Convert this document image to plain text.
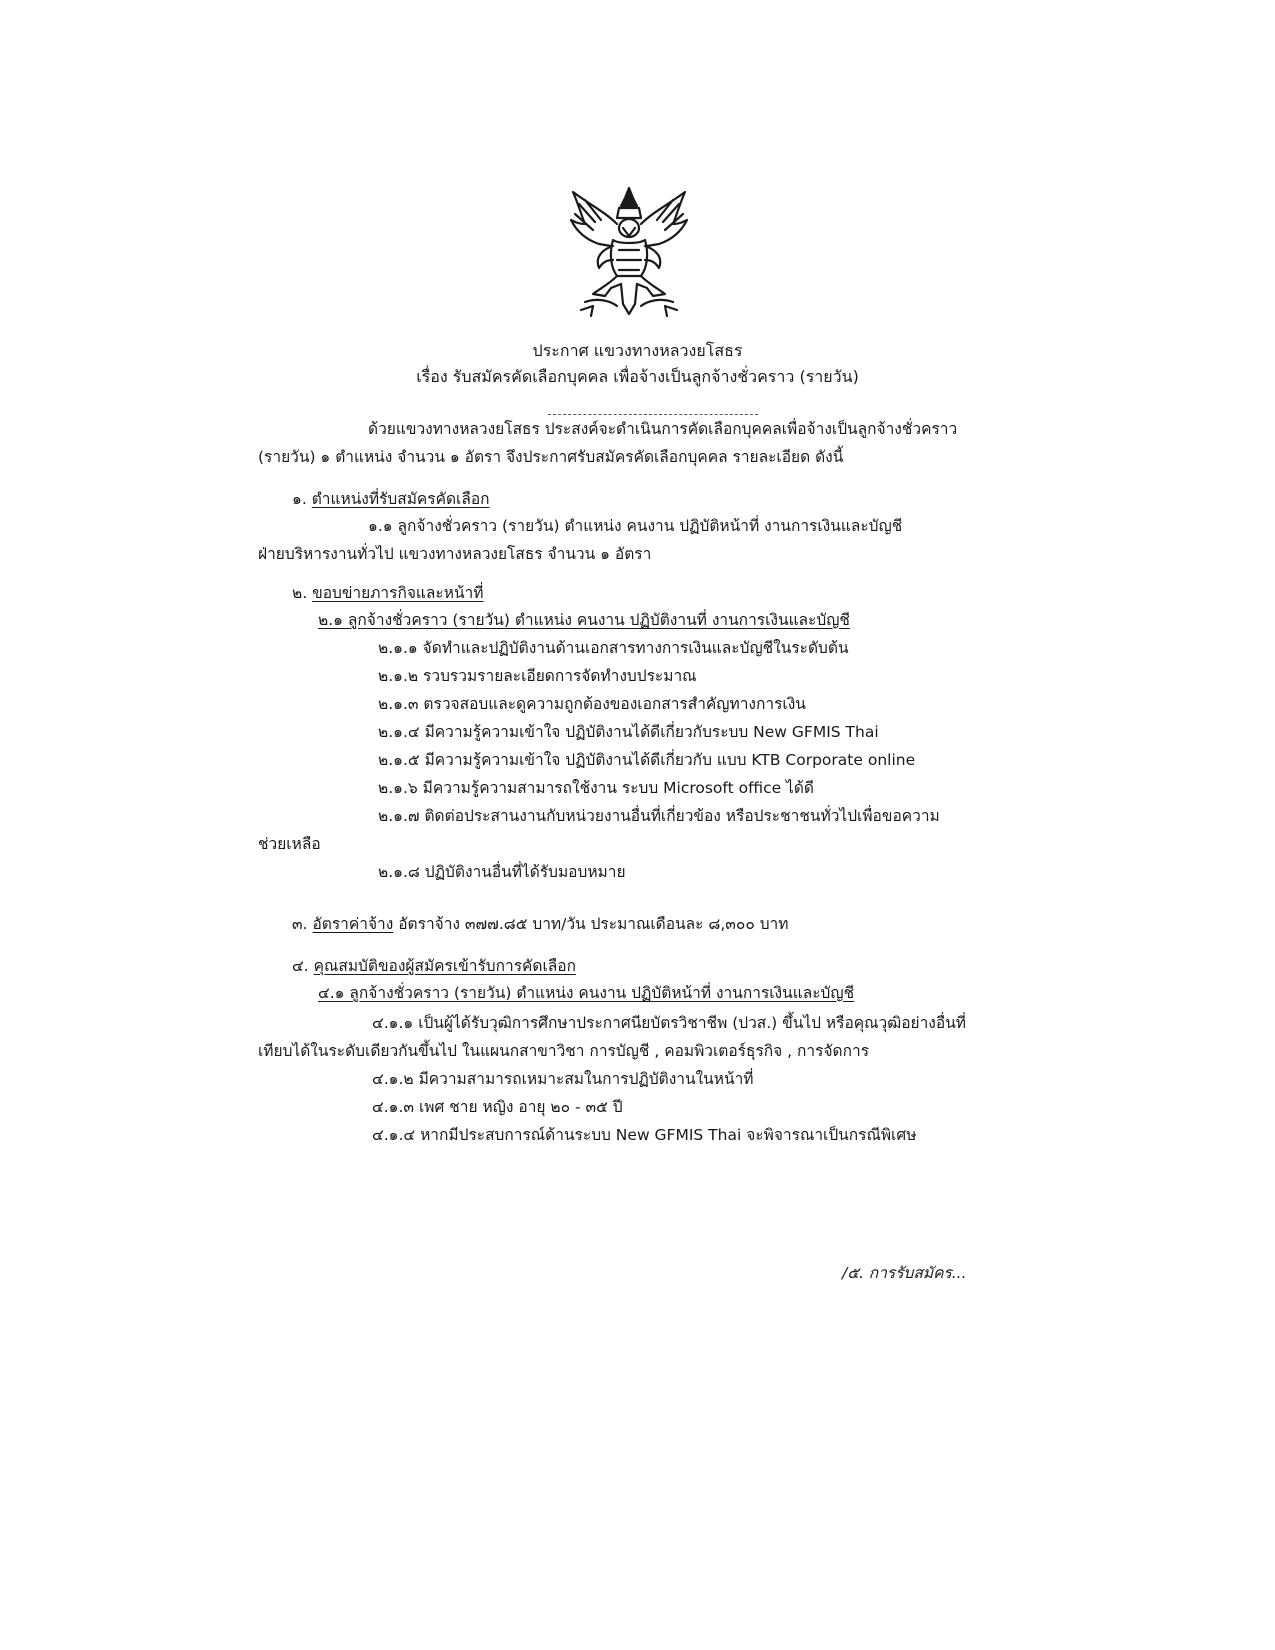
ประกาศ แขวงทางหลวงยโสธร
เรื่อง รับสมัครคัดเลือกบุคคล เพื่อจ้างเป็นลูกจ้างชั่วคราว (รายวัน)
ด้วยแขวงทางหลวงยโสธร ประสงค์จะดำเนินการคัดเลือกบุคคลเพื่อจ้างเป็นลูกจ้างชั่วคราว
(รายวัน) ๑ ตำแหน่ง จำนวน ๑ อัตรา จึงประกาศรับสมัครคัดเลือกบุคคล รายละเอียด ดังนี้
๑. ตำแหน่งที่รับสมัครคัดเลือก
๑.๑ ลูกจ้างชั่วคราว (รายวัน) ตำแหน่ง คนงาน ปฏิบัติหน้าที่ งานการเงินและบัญชี
ฝ่ายบริหารงานทั่วไป แขวงทางหลวงยโสธร จำนวน ๑ อัตรา
๒. ขอบข่ายภารกิจและหน้าที่
๒.๑ ลูกจ้างชั่วคราว (รายวัน) ตำแหน่ง คนงาน ปฏิบัติงานที่ งานการเงินและบัญชี
๒.๑.๑ จัดทำและปฏิบัติงานด้านเอกสารทางการเงินและบัญชีในระดับต้น
๒.๑.๒ รวบรวมรายละเอียดการจัดทำงบประมาณ
๒.๑.๓ ตรวจสอบและดูความถูกต้องของเอกสารสำคัญทางการเงิน
๒.๑.๔ มีความรู้ความเข้าใจ ปฏิบัติงานได้ดีเกี่ยวกับระบบ New GFMIS Thai
๒.๑.๕ มีความรู้ความเข้าใจ ปฏิบัติงานได้ดีเกี่ยวกับ แบบ KTB Corporate online
๒.๑.๖ มีความรู้ความสามารถใช้งาน ระบบ Microsoft office ได้ดี
๒.๑.๗ ติดต่อประสานงานกับหน่วยงานอื่นที่เกี่ยวข้อง หรือประชาชนทั่วไปเพื่อขอความ
ช่วยเหลือ
๒.๑.๘ ปฏิบัติงานอื่นที่ได้รับมอบหมาย
๓. อัตราค่าจ้าง อัตราจ้าง ๓๗๗.๘๕ บาท/วัน ประมาณเดือนละ ๘,๓๐๐ บาท
๔. คุณสมบัติของผู้สมัครเข้ารับการคัดเลือก
๔.๑ ลูกจ้างชั่วคราว (รายวัน) ตำแหน่ง คนงาน ปฏิบัติหน้าที่ งานการเงินและบัญชี
๔.๑.๑ เป็นผู้ได้รับวุฒิการศึกษาประกาศนียบัตรวิชาชีพ (ปวส.) ขึ้นไป หรือคุณวุฒิอย่างอื่นที่
เทียบได้ในระดับเดียวกันขึ้นไป ในแผนกสาขาวิชา การบัญชี , คอมพิวเตอร์ธุรกิจ , การจัดการ
๔.๑.๒ มีความสามารถเหมาะสมในการปฏิบัติงานในหน้าที่
๔.๑.๓ เพศ ชาย หญิง อายุ ๒๐ - ๓๕ ปี
๔.๑.๔ หากมีประสบการณ์ด้านระบบ New GFMIS Thai จะพิจารณาเป็นกรณีพิเศษ
/๕. การรับสมัคร...
